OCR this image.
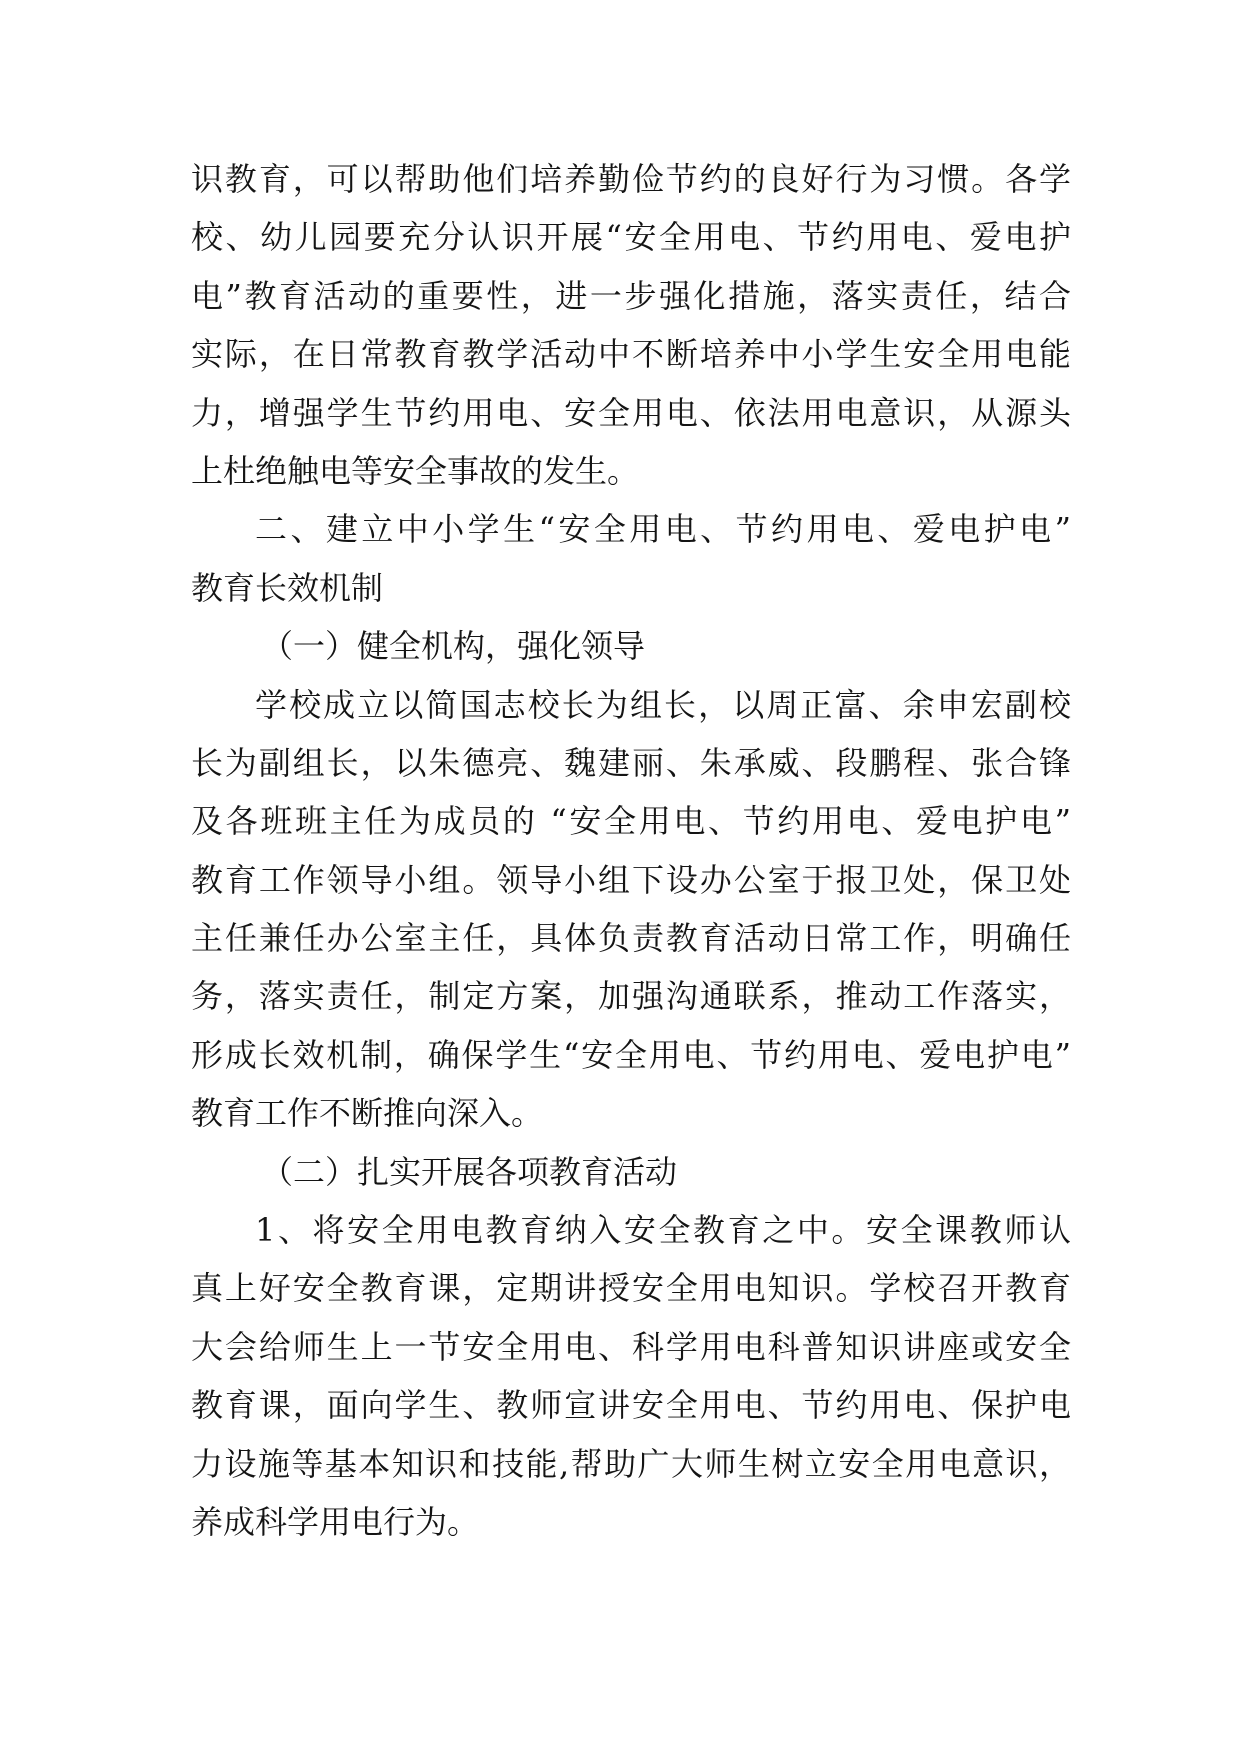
识教育，可以帮助他们培养勤俭节约的良好行为习惯。各学
校、幼儿园要充分认识开展“安全用电、节约用电、爱电护
电”教育活动的重要性，进一步强化措施，落实责任，结合
实际，在日常教育教学活动中不断培养中小学生安全用电能
力，增强学生节约用电、安全用电、依法用电意识，从源头
上杜绝触电等安全事故的发生。
二、建立中小学生“安全用电、节约用电、爱电护电”
教育长效机制
（一）健全机构，强化领导
学校成立以简国志校长为组长，以周正富、余申宏副校
长为副组长，以朱德亮、魏建丽、朱承威、段鹏程、张合锋
及各班班主任为成员的 “安全用电、节约用电、爱电护电”
教育工作领导小组。领导小组下设办公室于报卫处，保卫处
主任兼任办公室主任，具体负责教育活动日常工作，明确任
务，落实责任，制定方案，加强沟通联系，推动工作落实，
形成长效机制，确保学生“安全用电、节约用电、爱电护电”
教育工作不断推向深入。
（二）扎实开展各项教育活动
1、将安全用电教育纳入安全教育之中。安全课教师认
真上好安全教育课，定期讲授安全用电知识。学校召开教育
大会给师生上一节安全用电、科学用电科普知识讲座或安全
教育课，面向学生、教师宣讲安全用电、节约用电、保护电
力设施等基本知识和技能,帮助广大师生树立安全用电意识，
养成科学用电行为。
